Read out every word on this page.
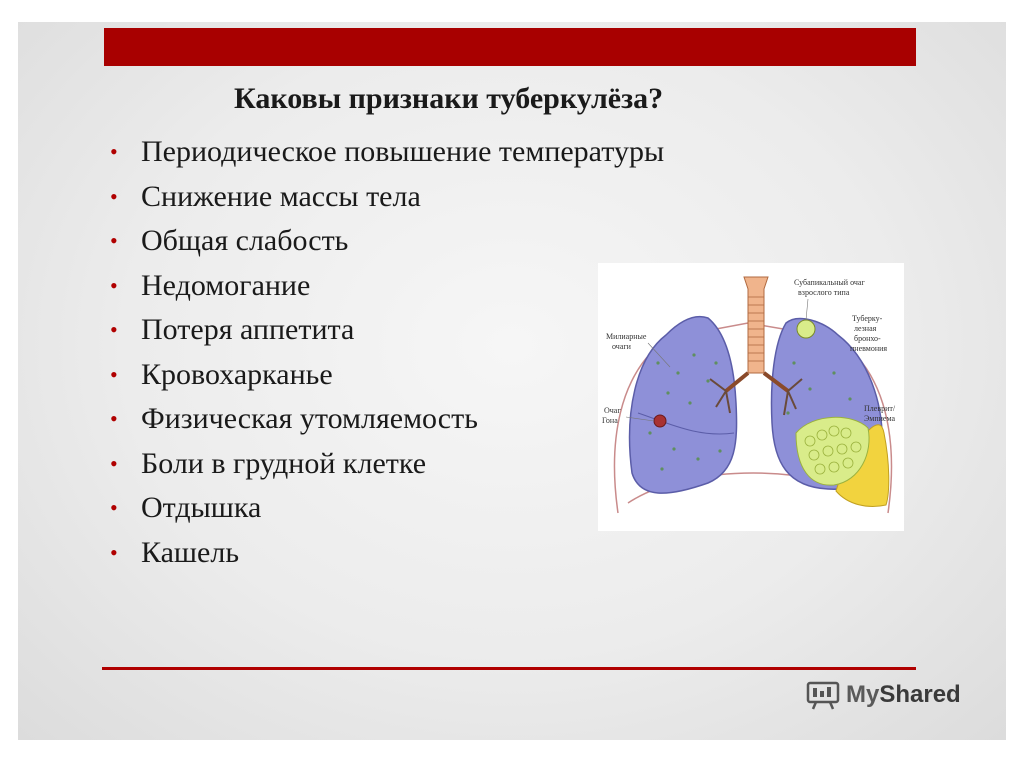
Каковы признаки туберкулёза?
• Периодическое повышение температуры
• Снижение массы тела
• Общая слабость
• Недомогание
• Потеря аппетита
• Кровохарканье
• Физическая утомляемость
• Боли в грудной клетке
• Отдышка
• Кашель
Милиарные
очаги
Очаг
Гона
Субапикальный очаг
взрослого типа
Туберку-
лезная
бронхо-
пневмония
Плеврит/
Эмпиема
MyShared
